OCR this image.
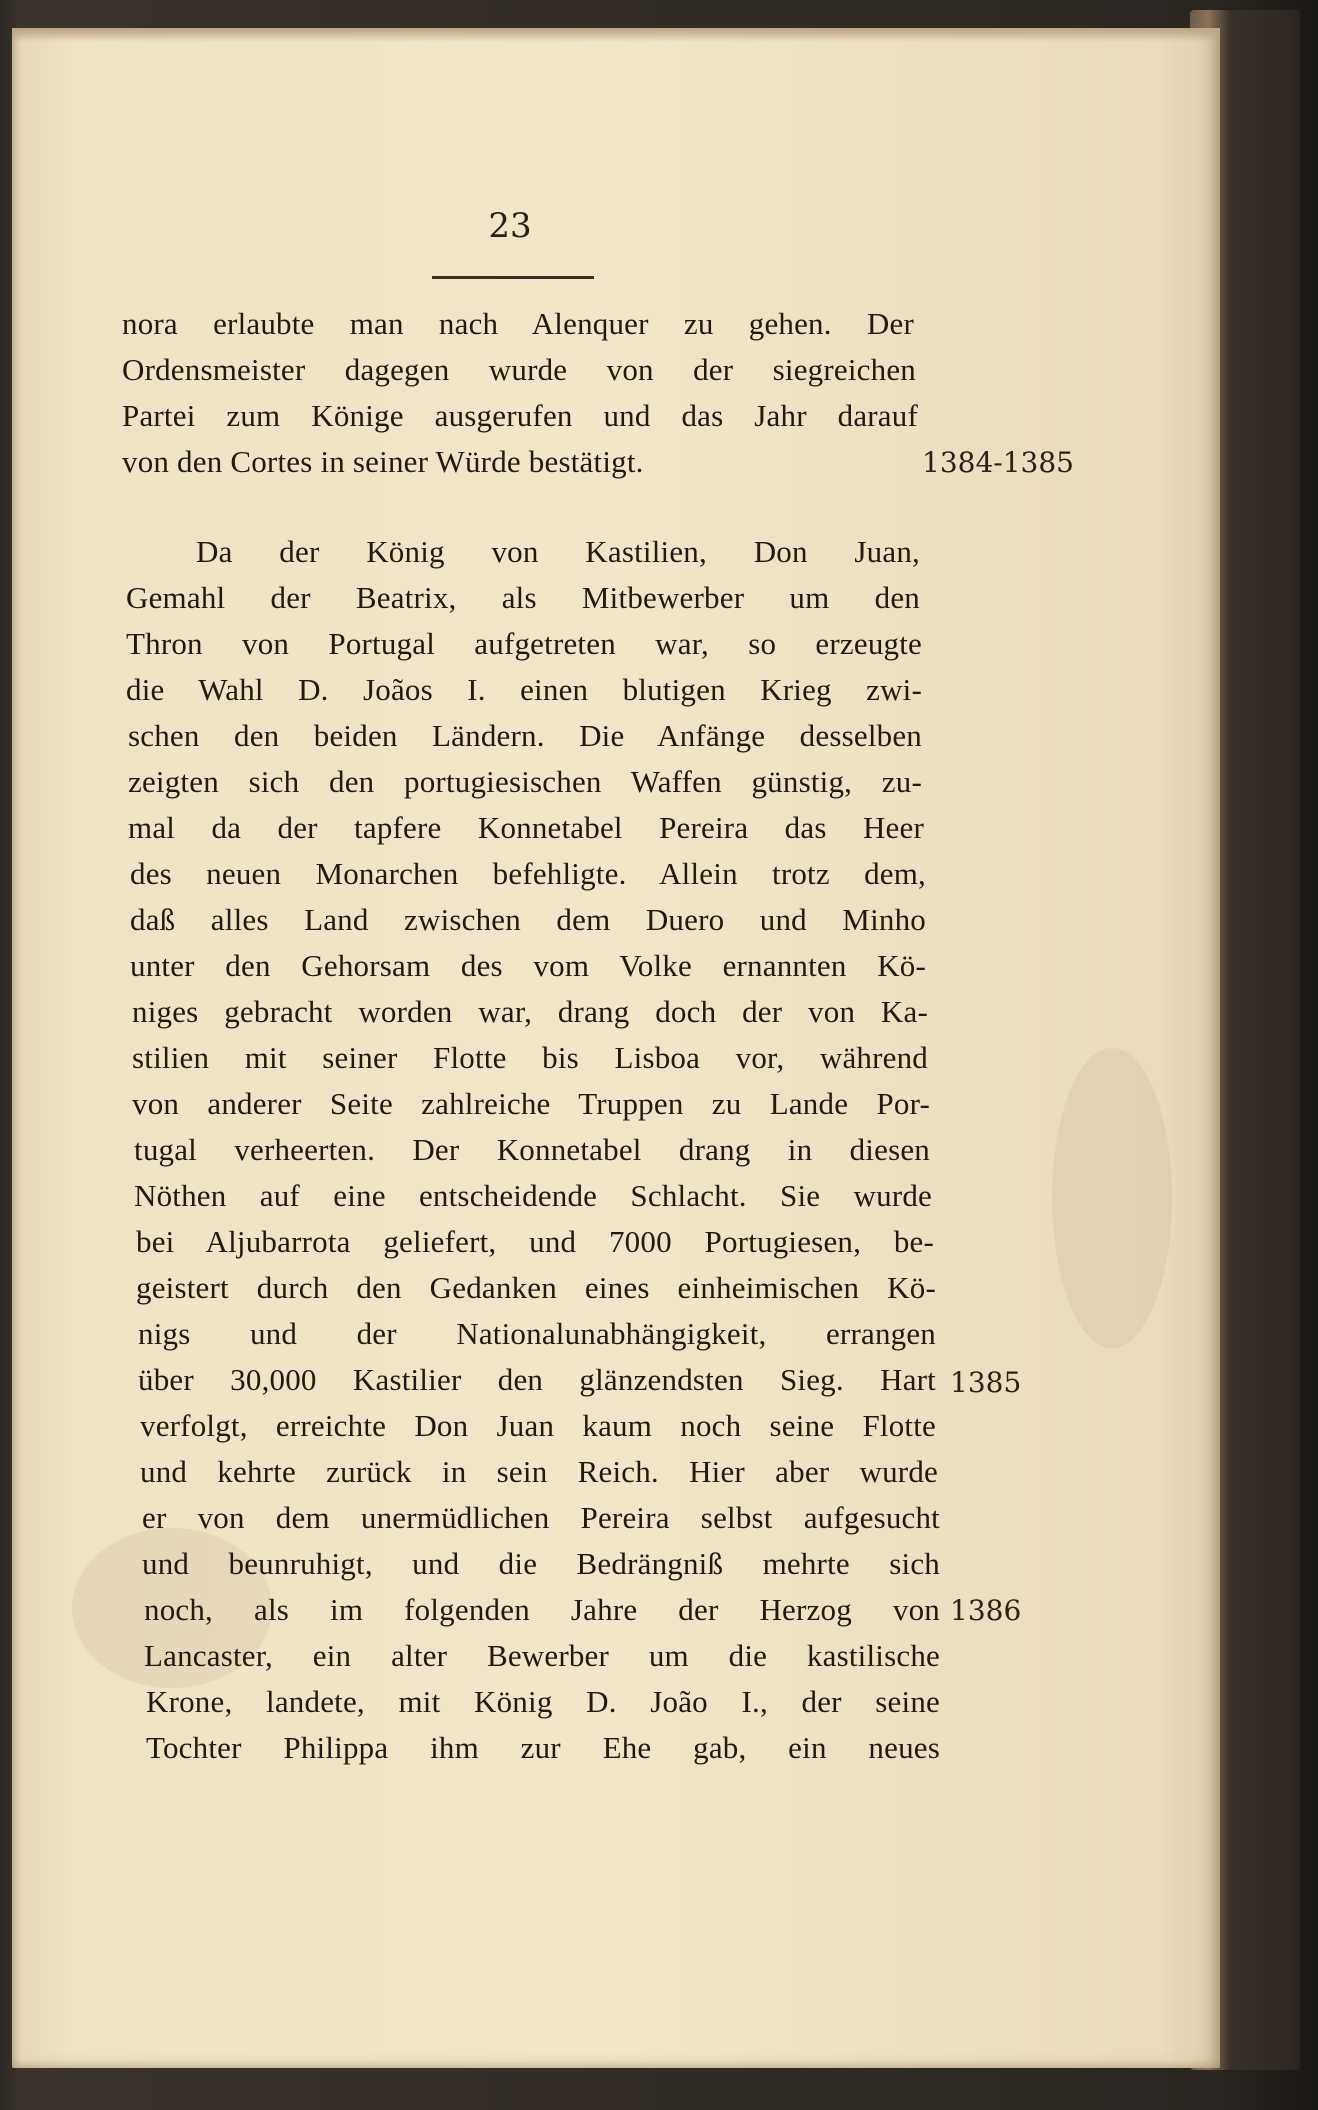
23
nora erlaubte man nach Alenquer zu gehen. Der
Ordensmeister dagegen wurde von der siegreichen
Partei zum Könige ausgerufen und das Jahr darauf
von den Cortes in seiner Würde bestätigt.
Da der König von Kastilien, Don Juan,
Gemahl der Beatrix, als Mitbewerber um den
Thron von Portugal aufgetreten war, so erzeugte
die Wahl D. Joãos I. einen blutigen Krieg zwi-
schen den beiden Ländern. Die Anfänge desselben
zeigten sich den portugiesischen Waffen günstig, zu-
mal da der tapfere Konnetabel Pereira das Heer
des neuen Monarchen befehligte. Allein trotz dem,
daß alles Land zwischen dem Duero und Minho
unter den Gehorsam des vom Volke ernannten Kö-
niges gebracht worden war, drang doch der von Ka-
stilien mit seiner Flotte bis Lisboa vor, während
von anderer Seite zahlreiche Truppen zu Lande Por-
tugal verheerten. Der Konnetabel drang in diesen
Nöthen auf eine entscheidende Schlacht. Sie wurde
bei Aljubarrota geliefert, und 7000 Portugiesen, be-
geistert durch den Gedanken eines einheimischen Kö-
nigs und der Nationalunabhängigkeit, errangen
über 30,000 Kastilier den glänzendsten Sieg. Hart
verfolgt, erreichte Don Juan kaum noch seine Flotte
und kehrte zurück in sein Reich. Hier aber wurde
er von dem unermüdlichen Pereira selbst aufgesucht
und beunruhigt, und die Bedrängniß mehrte sich
noch, als im folgenden Jahre der Herzog von
Lancaster, ein alter Bewerber um die kastilische
Krone, landete, mit König D. João I., der seine
Tochter Philippa ihm zur Ehe gab, ein neues
1384-1385
1385
1386
